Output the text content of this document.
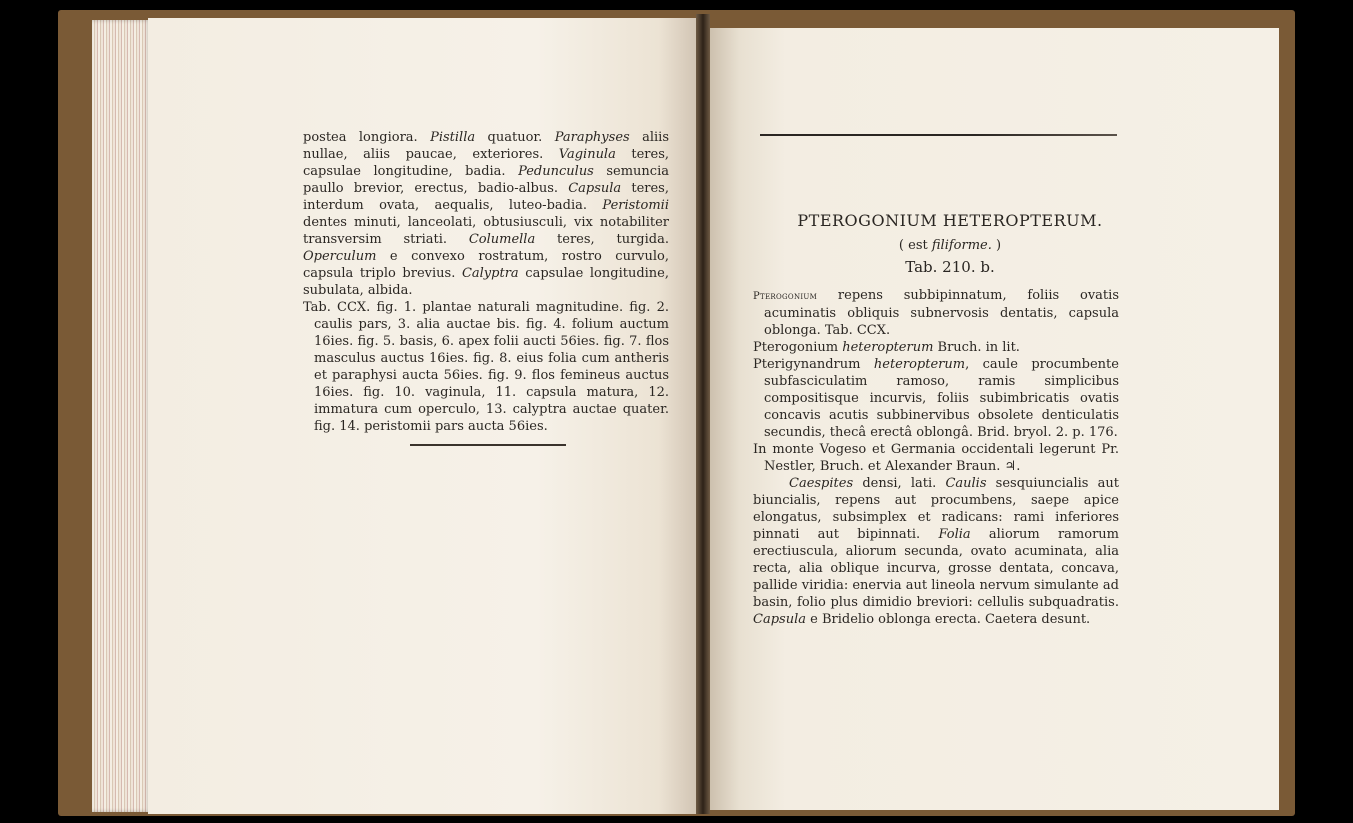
postea longiora. Pistilla quatuor. Paraphyses aliis nullae, aliis paucae, exteriores. Vaginula teres, capsulae longitudine, badia. Pedunculus semuncia paullo brevior, erectus, badio-albus. Capsula teres, interdum ovata, aequalis, luteo-badia. Peristomii dentes minuti, lanceolati, obtusiusculi, vix notabiliter transversim striati. Columella teres, turgida. Operculum e convexo rostratum, rostro curvulo, capsula triplo brevius. Calyptra capsulae longitudine, subulata, albida.

Tab. CCX. fig. 1. plantae naturali magnitudine. fig. 2. caulis pars, 3. alia auctae bis. fig. 4. folium auctum 16ies. fig. 5. basis, 6. apex folii aucti 56ies. fig. 7. flos masculus auctus 16ies. fig. 8. eius folia cum antheris et paraphysi aucta 56ies. fig. 9. flos femineus auctus 16ies. fig. 10. vaginula, 11. capsula matura, 12. immatura cum operculo, 13. calyptra auctae quater. fig. 14. peristomii pars aucta 56ies.

PTEROGONIUM HETEROPTERUM.
( est filiforme. )
Tab. 210. b.

Pterogonium repens subbipinnatum, foliis ovatis acuminatis obliquis subnervosis dentatis, capsula oblonga. Tab. CCX.

Pterogonium heteropterum Bruch. in lit.

Pterigynandrum heteropterum, caule procumbente subfasciculatim ramoso, ramis simplicibus compositisque incurvis, foliis subimbricatis ovatis concavis acutis subbinervibus obsolete denticulatis secundis, thecâ erectâ oblongâ. Brid. bryol. 2. p. 176.

In monte Vogeso et Germania occidentali legerunt Pr. Nestler, Bruch. et Alexander Braun. ♃.

Caespites densi, lati. Caulis sesquiuncialis aut biuncialis, repens aut procumbens, saepe apice elongatus, subsimplex et radicans: rami inferiores pinnati aut bipinnati. Folia aliorum ramorum erectiuscula, aliorum secunda, ovato acuminata, alia recta, alia oblique incurva, grosse dentata, concava, pallide viridia: enervia aut lineola nervum simulante ad basin, folio plus dimidio breviori: cellulis subquadratis. Capsula e Bridelio oblonga erecta. Caetera desunt.
